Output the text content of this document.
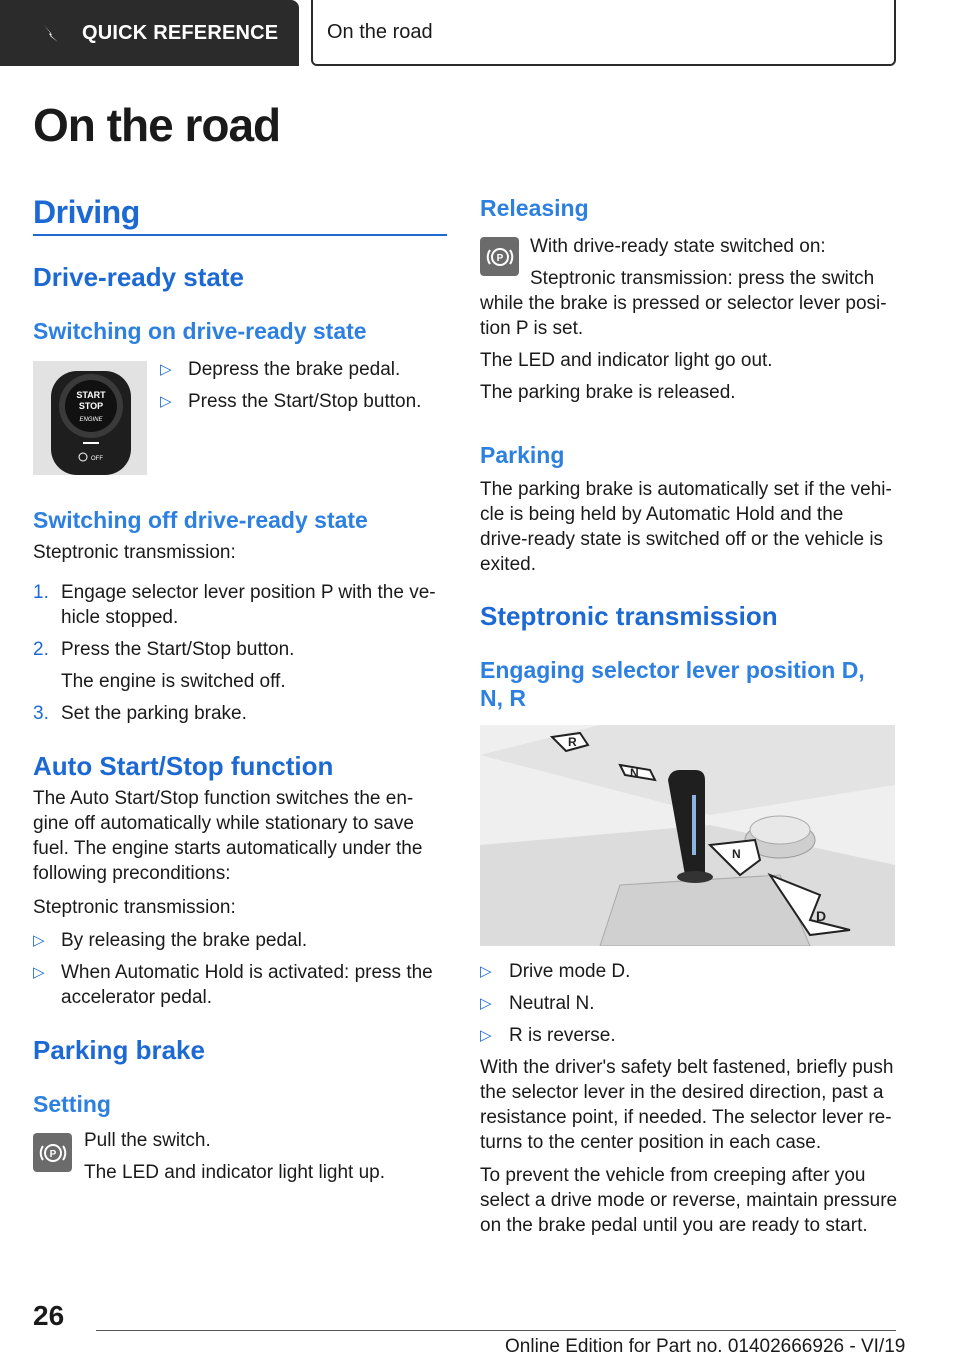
QUICK REFERENCE On the road
On the road
Driving
Drive-ready state
Switching on drive-ready state
START
STOP
ENGINE
OFF
▷ Depress the brake pedal.
▷ Press the Start/Stop button.
Switching off drive-ready state
Steptronic transmission:
1. Engage selector lever position P with the ve-
hicle stopped.
2. Press the Start/Stop button.
The engine is switched off.
3. Set the parking brake.
Auto Start/Stop function
The Auto Start/Stop function switches the en-
gine off automatically while stationary to save
fuel. The engine starts automatically under the
following preconditions:
Steptronic transmission:
▷ By releasing the brake pedal.
▷ When Automatic Hold is activated: press the
accelerator pedal.
Parking brake
Setting
P
Pull the switch.
The LED and indicator light light up.
Releasing
P
With drive-ready state switched on:
Steptronic transmission: press the switch
while the brake is pressed or selector lever posi-
tion P is set.
The LED and indicator light go out.
The parking brake is released.
Parking
The parking brake is automatically set if the vehi-
cle is being held by Automatic Hold and the
drive-ready state is switched off or the vehicle is
exited.
Steptronic transmission
Engaging selector lever position D,
N, R
R
N
N
D
▷ Drive mode D.
▷ Neutral N.
▷ R is reverse.
With the driver's safety belt fastened, briefly push
the selector lever in the desired direction, past a
resistance point, if needed. The selector lever re-
turns to the center position in each case.
To prevent the vehicle from creeping after you
select a drive mode or reverse, maintain pressure
on the brake pedal until you are ready to start.
26
Online Edition for Part no. 01402666926 - VI/19
